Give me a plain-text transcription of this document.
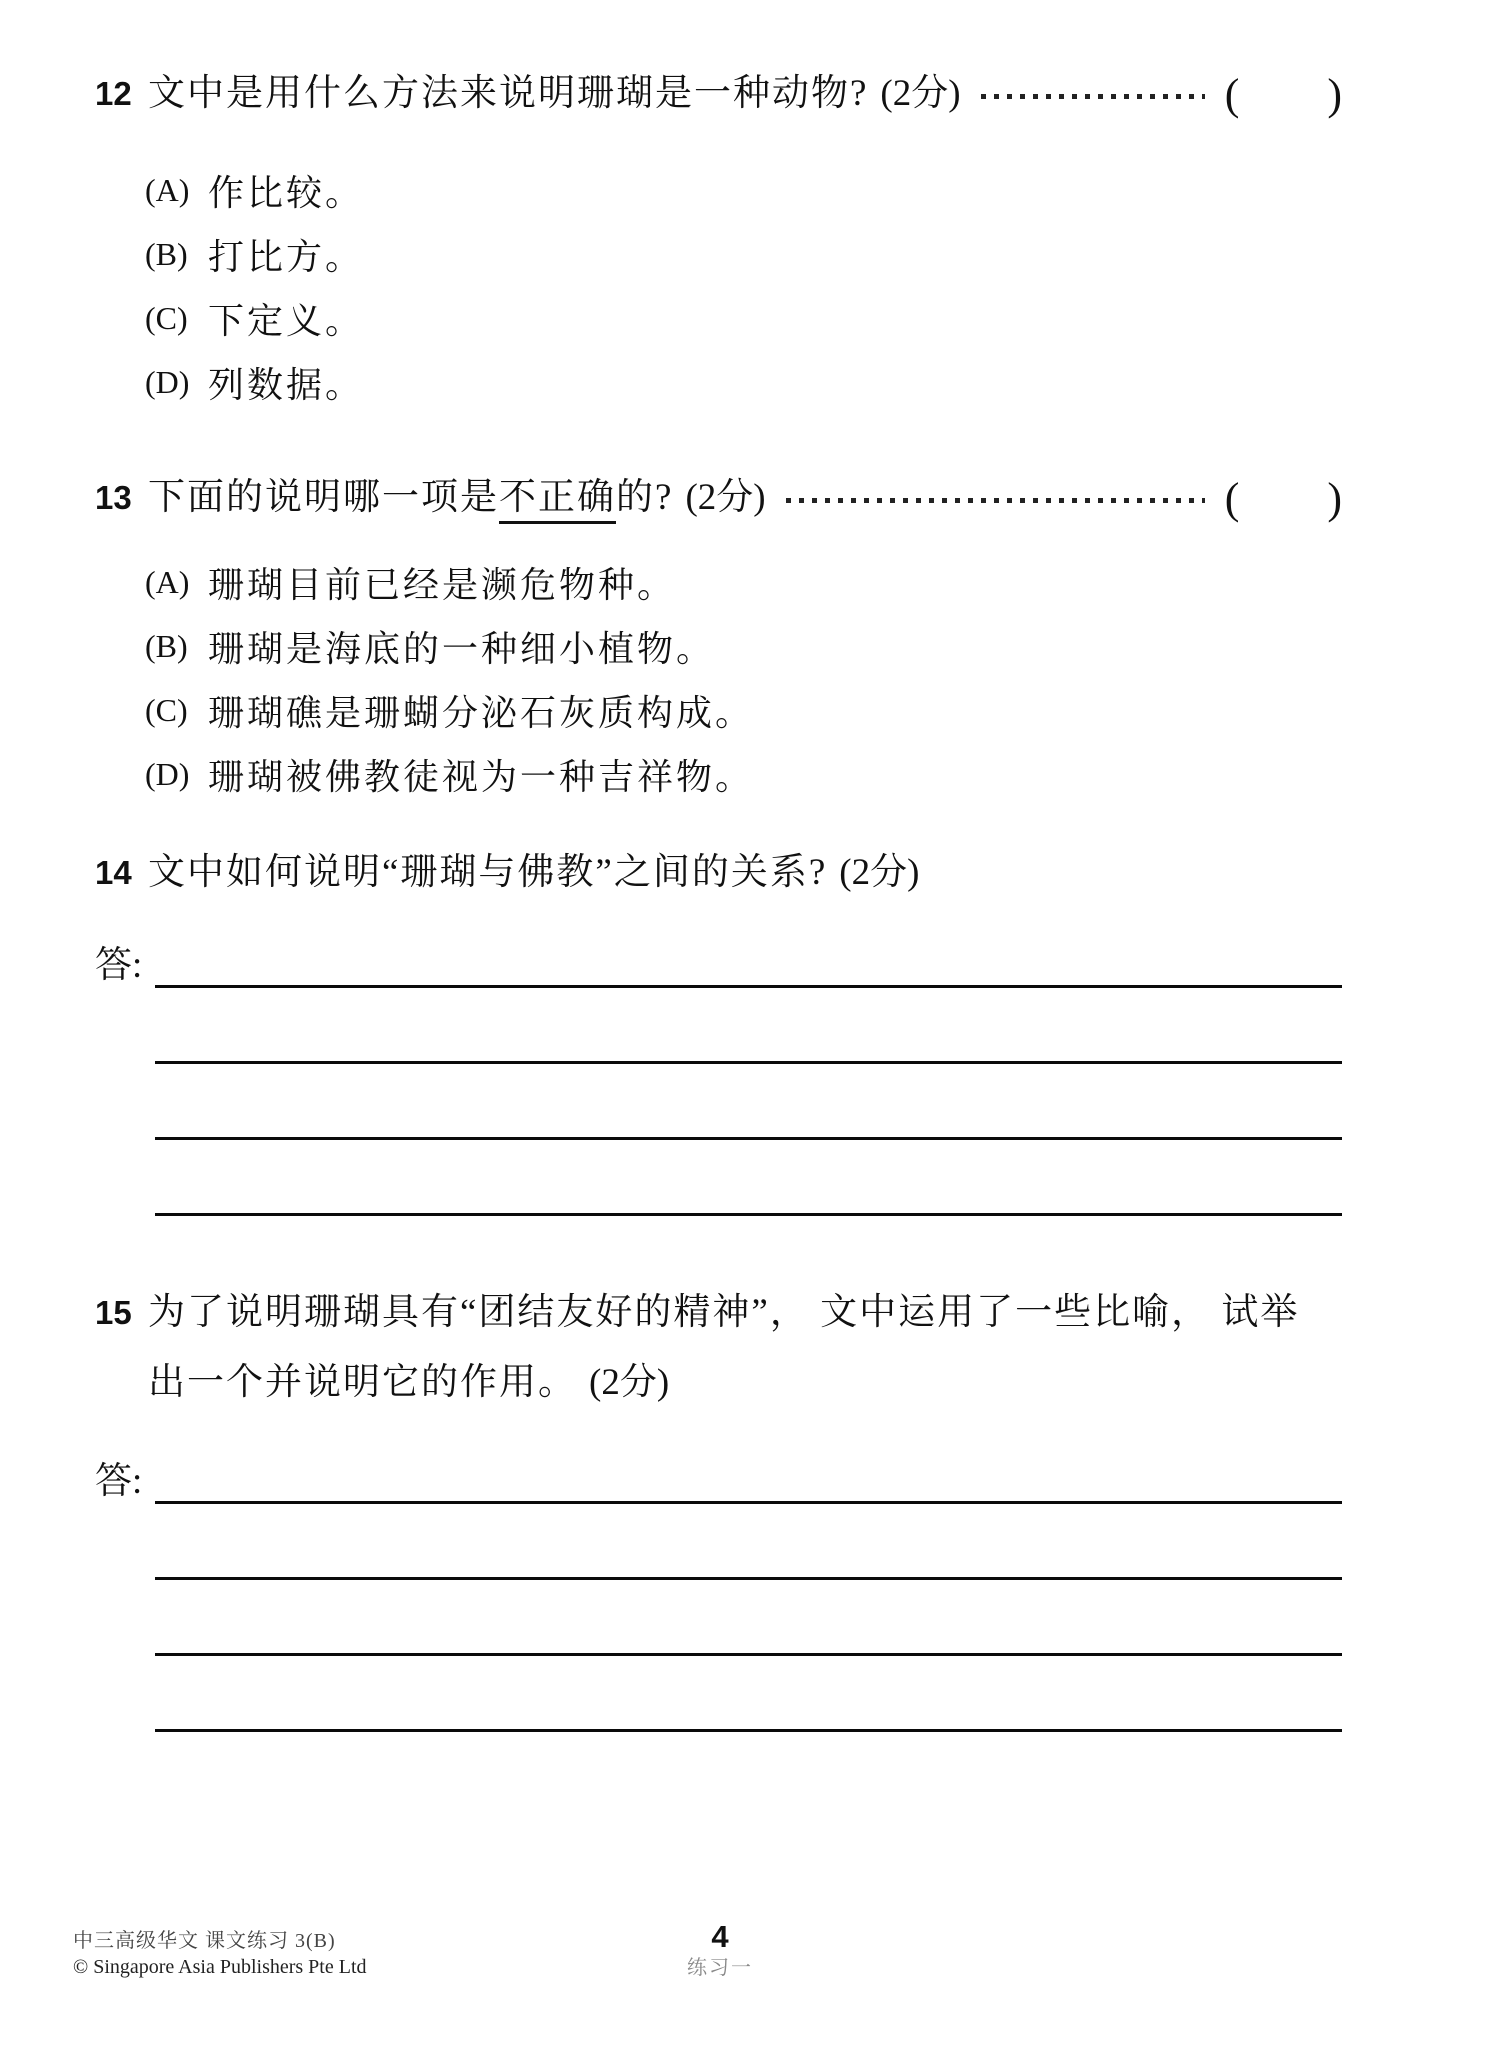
12 文中是用什么方法来说明珊瑚是一种动物? (2分)	( )
(A) 作比较。
(B) 打比方。
(C) 下定义。
(D) 列数据。
13 下面的说明哪一项是不正确的? (2分)	( )
(A) 珊瑚目前已经是濒危物种。
(B) 珊瑚是海底的一种细小植物。
(C) 珊瑚礁是珊蝴分泌石灰质构成。
(D) 珊瑚被佛教徒视为一种吉祥物。
14 文中如何说明“珊瑚与佛教”之间的关系? (2分)
答:
15 为了说明珊瑚具有“团结友好的精神”， 文中运用了一些比喻， 试举
出一个并说明它的作用。 (2分)
答:
中三高级华文 课文练习 3(B)
© Singapore Asia Publishers Pte Ltd
4
练习一
